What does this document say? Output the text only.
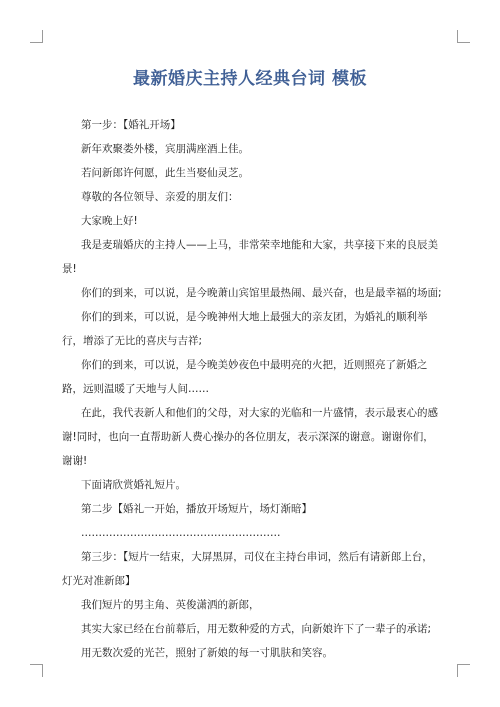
最新婚庆主持人经典台词 模板

第一步：【婚礼开场】

新年欢聚娄外楼，宾朋满座酒上佳。

若问新郎许何愿，此生当娶仙灵芝。

尊敬的各位领导、亲爱的朋友们：

大家晚上好!

我是麦瑞婚庆的主持人——上马，非常荣幸地能和大家，共享接下来的良辰美景!

你们的到来，可以说，是今晚萧山宾馆里最热闹、最兴奋，也是最幸福的场面;

你们的到来，可以说，是今晚神州大地上最强大的亲友团，为婚礼的顺利举行，增添了无比的喜庆与吉祥;

你们的到来，可以说，是今晚美妙夜色中最明亮的火把，近则照亮了新婚之路，远则温暖了天地与人间……

在此，我代表新人和他们的父母，对大家的光临和一片盛情，表示最衷心的感谢!同时，也向一直帮助新人费心操办的各位朋友，表示深深的谢意。谢谢你们，谢谢!

下面请欣赏婚礼短片。

第二步【婚礼一开始，播放开场短片，场灯渐暗】

…………………………………………………

第三步：【短片一结束，大屏黑屏，司仪在主持台串词，然后有请新郎上台，灯光对准新郎】

我们短片的男主角、英俊潇洒的新郎，

其实大家已经在台前幕后，用无数种爱的方式，向新娘许下了一辈子的承诺;

用无数次爱的光芒，照射了新娘的每一寸肌肤和笑容。
